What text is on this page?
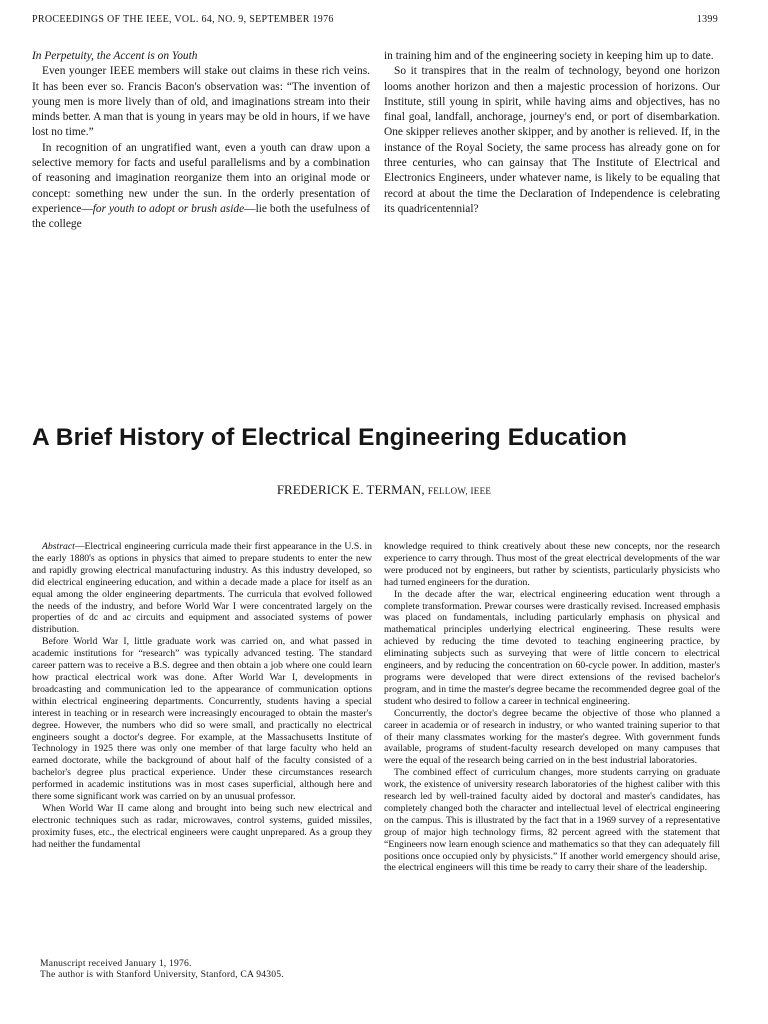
PROCEEDINGS OF THE IEEE, VOL. 64, NO. 9, SEPTEMBER 1976	1399

In Perpetuity, the Accent is on Youth

Even younger IEEE members will stake out claims in these rich veins. It has been ever so. Francis Bacon's observation was: “The invention of young men is more lively than of old, and imaginations stream into their minds better. A man that is young in years may be old in hours, if we have lost no time.”

In recognition of an ungratified want, even a youth can draw upon a selective memory for facts and useful parallelisms and by a combination of reasoning and imagination reorganize them into an original mode or concept: something new under the sun. In the orderly presentation of experience—for youth to adopt or brush aside—lie both the usefulness of the college

in training him and of the engineering society in keeping him up to date.

So it transpires that in the realm of technology, beyond one horizon looms another horizon and then a majestic procession of horizons. Our Institute, still young in spirit, while having aims and objectives, has no final goal, landfall, anchorage, journey's end, or port of disembarkation. One skipper relieves another skipper, and by another is relieved. If, in the instance of the Royal Society, the same process has already gone on for three centuries, who can gainsay that The Institute of Electrical and Electronics Engineers, under whatever name, is likely to be equaling that record at about the time the Declaration of Independence is celebrating its quadricentennial?

A Brief History of Electrical Engineering Education
FREDERICK E. TERMAN, FELLOW, IEEE

Abstract—Electrical engineering curricula made their first appearance in the U.S. in the early 1880's as options in physics that aimed to prepare students to enter the new and rapidly growing electrical manufacturing industry. As this industry developed, so did electrical engineering education, and within a decade made a place for itself as an equal among the older engineering departments. The curricula that evolved followed the needs of the industry, and before World War I were concentrated largely on the properties of dc and ac circuits and equipment and associated systems of power distribution.

Before World War I, little graduate work was carried on, and what passed in academic institutions for “research” was typically advanced testing. The standard career pattern was to receive a B.S. degree and then obtain a job where one could learn how practical electrical work was done. After World War I, developments in broadcasting and communication led to the appearance of communication options within electrical engineering departments. Concurrently, students having a special interest in teaching or in research were increasingly encouraged to obtain the master's degree. However, the numbers who did so were small, and practically no electrical engineers sought a doctor's degree. For example, at the Massachusetts Institute of Technology in 1925 there was only one member of that large faculty who held an earned doctorate, while the background of about half of the faculty consisted of a bachelor's degree plus practical experience. Under these circumstances research performed in academic institutions was in most cases superficial, although here and there some significant work was carried on by an unusual professor.

When World War II came along and brought into being such new electrical and electronic techniques such as radar, microwaves, control systems, guided missiles, proximity fuses, etc., the electrical engineers were caught unprepared. As a group they had neither the fundamental

knowledge required to think creatively about these new concepts, nor the research experience to carry through. Thus most of the great electrical developments of the war were produced not by engineers, but rather by scientists, particularly physicists who had turned engineers for the duration.

In the decade after the war, electrical engineering education went through a complete transformation. Prewar courses were drastically revised. Increased emphasis was placed on fundamentals, including particularly emphasis on physical and mathematical principles underlying electrical engineering. These results were achieved by reducing the time devoted to teaching engineering practice, by eliminating subjects such as surveying that were of little concern to electrical engineers, and by reducing the concentration on 60-cycle power. In addition, master's programs were developed that were direct extensions of the revised bachelor's program, and in time the master's degree became the recommended degree goal of the student who desired to follow a career in technical engineering.

Concurrently, the doctor's degree became the objective of those who planned a career in academia or of research in industry, or who wanted training superior to that of their many classmates working for the master's degree. With government funds available, programs of student-faculty research developed on many campuses that were the equal of the research being carried on in the best industrial laboratories.

The combined effect of curriculum changes, more students carrying on graduate work, the existence of university research laboratories of the highest caliber with this research led by well-trained faculty aided by doctoral and master's candidates, has completely changed both the character and intellectual level of electrical engineering on the campus. This is illustrated by the fact that in a 1969 survey of a representative group of major high technology firms, 82 percent agreed with the statement that “Engineers now learn enough science and mathematics so that they can adequately fill positions once occupied only by physicists.” If another world emergency should arise, the electrical engineers will this time be ready to carry their share of the leadership.

Manuscript received January 1, 1976.
The author is with Stanford University, Stanford, CA 94305.
